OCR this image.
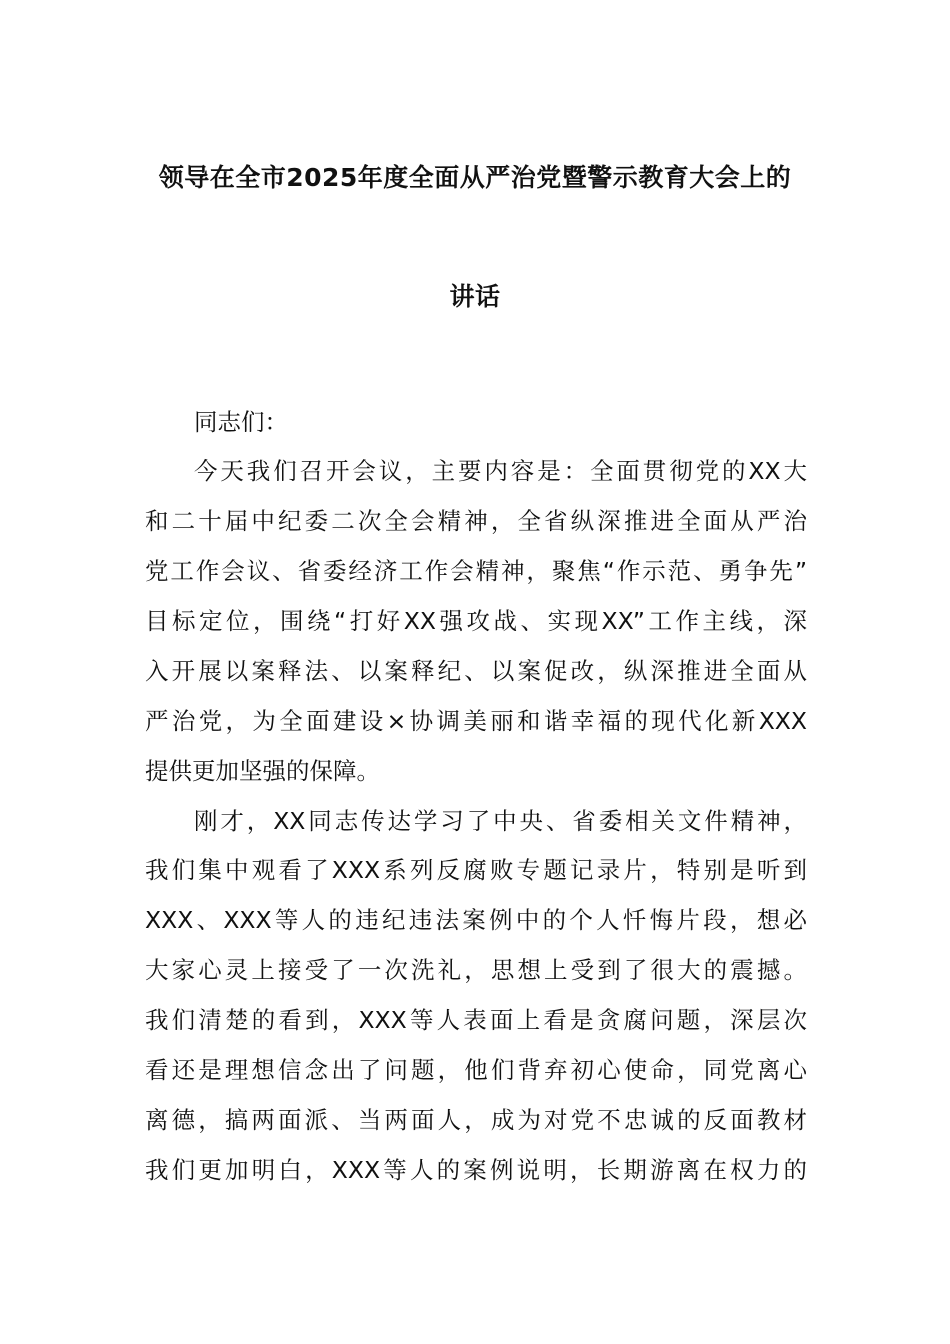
领导在全市2025年度全面从严治党暨警示教育大会上的
讲话
同志们：
今天我们召开会议，主要内容是：全面贯彻党的XX大
和二十届中纪委二次全会精神，全省纵深推进全面从严治
党工作会议、省委经济工作会精神，聚焦“作示范、勇争先”
目标定位，围绕“打好XX强攻战、实现XX”工作主线，深
入开展以案释法、以案释纪、以案促改，纵深推进全面从
严治党，为全面建设×协调美丽和谐幸福的现代化新XXX
提供更加坚强的保障。
刚才，XX同志传达学习了中央、省委相关文件精神，
我们集中观看了XXX系列反腐败专题记录片，特别是听到
XXX、XXX等人的违纪违法案例中的个人忏悔片段，想必
大家心灵上接受了一次洗礼，思想上受到了很大的震撼。
我们清楚的看到，XXX等人表面上看是贪腐问题，深层次
看还是理想信念出了问题，他们背弃初心使命，同党离心
离德，搞两面派、当两面人，成为对党不忠诚的反面教材
我们更加明白，XXX等人的案例说明，长期游离在权力的
